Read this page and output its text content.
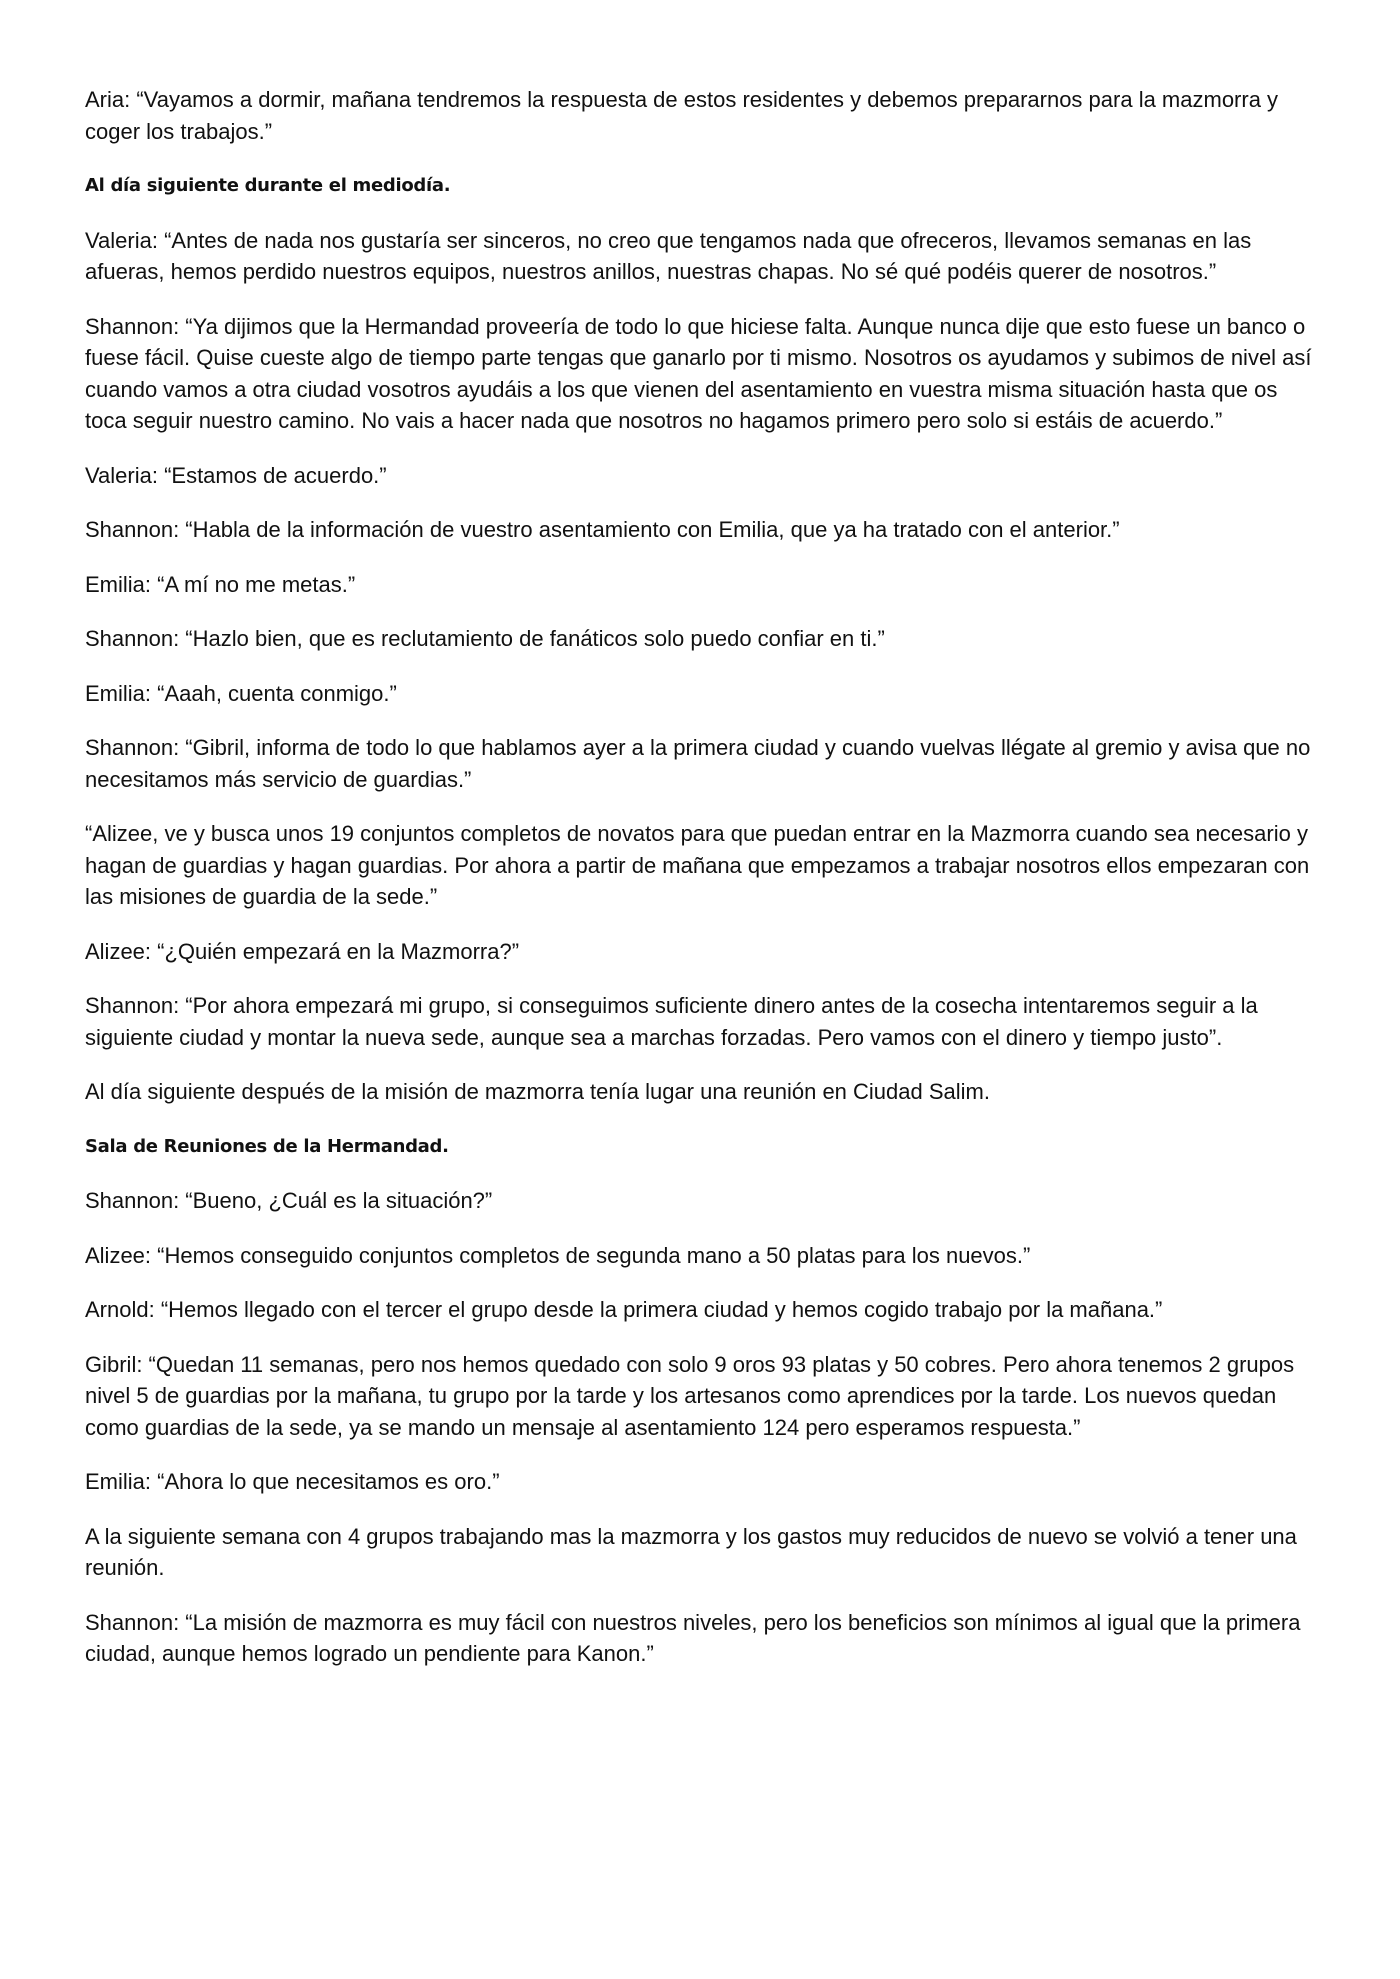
Aria: “Vayamos a dormir, mañana tendremos la respuesta de estos residentes y debemos prepararnos para la mazmorra y coger los trabajos.”

Al día siguiente durante el mediodía.

Valeria: “Antes de nada nos gustaría ser sinceros, no creo que tengamos nada que ofreceros, llevamos semanas en las afueras, hemos perdido nuestros equipos, nuestros anillos, nuestras chapas. No sé qué podéis querer de nosotros.”

Shannon: “Ya dijimos que la Hermandad proveería de todo lo que hiciese falta. Aunque nunca dije que esto fuese un banco o fuese fácil. Quise cueste algo de tiempo parte tengas que ganarlo por ti mismo. Nosotros os ayudamos y subimos de nivel así cuando vamos a otra ciudad vosotros ayudáis a los que vienen del asentamiento en vuestra misma situación hasta que os toca seguir nuestro camino. No vais a hacer nada que nosotros no hagamos primero pero solo si estáis de acuerdo.”

Valeria: “Estamos de acuerdo.”

Shannon: “Habla de la información de vuestro asentamiento con Emilia, que ya ha tratado con el anterior.”

Emilia: “A mí no me metas.”

Shannon: “Hazlo bien, que es reclutamiento de fanáticos solo puedo confiar en ti.”

Emilia: “Aaah, cuenta conmigo.”

Shannon: “Gibril, informa de todo lo que hablamos ayer a la primera ciudad y cuando vuelvas llégate al gremio y avisa que no necesitamos más servicio de guardias.”

“Alizee, ve y busca unos 19 conjuntos completos de novatos para que puedan entrar en la Mazmorra cuando sea necesario y hagan de guardias y hagan guardias. Por ahora a partir de mañana que empezamos a trabajar nosotros ellos empezaran con las misiones de guardia de la sede.”

Alizee: “¿Quién empezará en la Mazmorra?”

Shannon: “Por ahora empezará mi grupo, si conseguimos suficiente dinero antes de la cosecha intentaremos seguir a la siguiente ciudad y montar la nueva sede, aunque sea a marchas forzadas. Pero vamos con el dinero y tiempo justo”.

Al día siguiente después de la misión de mazmorra tenía lugar una reunión en Ciudad Salim.

Sala de Reuniones de la Hermandad.

Shannon: “Bueno, ¿Cuál es la situación?”

Alizee: “Hemos conseguido conjuntos completos de segunda mano a 50 platas para los nuevos.”

Arnold: “Hemos llegado con el tercer el grupo desde la primera ciudad y hemos cogido trabajo por la mañana.”

Gibril: “Quedan 11 semanas, pero nos hemos quedado con solo 9 oros 93 platas y 50 cobres. Pero ahora tenemos 2 grupos nivel 5 de guardias por la mañana, tu grupo por la tarde y los artesanos como aprendices por la tarde. Los nuevos quedan como guardias de la sede, ya se mando un mensaje al asentamiento 124 pero esperamos respuesta.”

Emilia: “Ahora lo que necesitamos es oro.”

A la siguiente semana con 4 grupos trabajando mas la mazmorra y los gastos muy reducidos de nuevo se volvió a tener una reunión.

Shannon: “La misión de mazmorra es muy fácil con nuestros niveles, pero los beneficios son mínimos al igual que la primera ciudad, aunque hemos logrado un pendiente para Kanon.”
